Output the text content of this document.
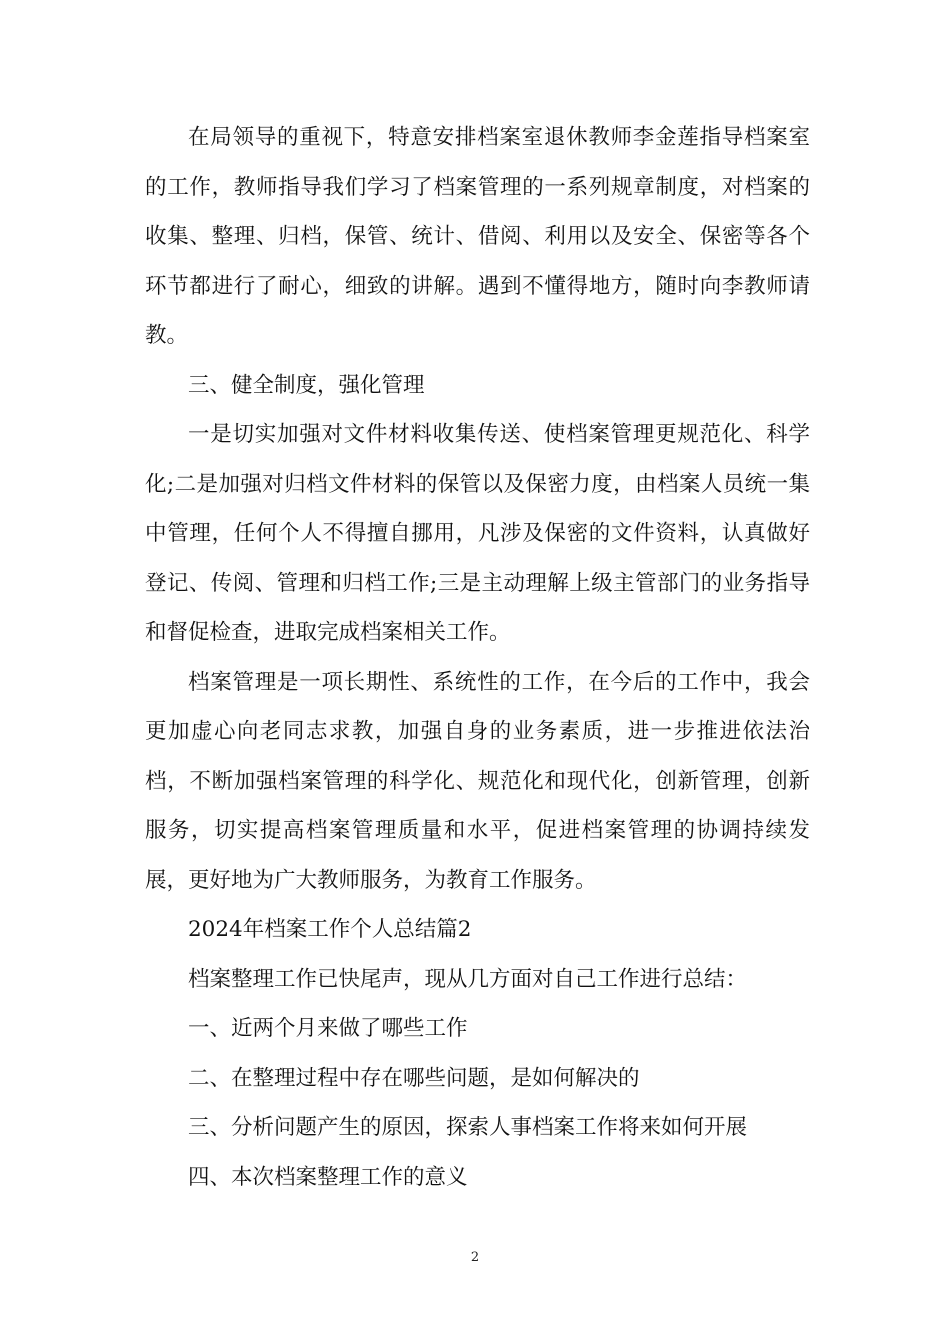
在局领导的重视下，特意安排档案室退休教师李金莲指导档案室的工作，教师指导我们学习了档案管理的一系列规章制度，对档案的收集、整理、归档，保管、统计、借阅、利用以及安全、保密等各个环节都进行了耐心，细致的讲解。遇到不懂得地方，随时向李教师请教。

三、健全制度，强化管理

一是切实加强对文件材料收集传送、使档案管理更规范化、科学化;二是加强对归档文件材料的保管以及保密力度，由档案人员统一集中管理，任何个人不得擅自挪用，凡涉及保密的文件资料，认真做好登记、传阅、管理和归档工作;三是主动理解上级主管部门的业务指导和督促检查，进取完成档案相关工作。

档案管理是一项长期性、系统性的工作，在今后的工作中，我会更加虚心向老同志求教，加强自身的业务素质，进一步推进依法治档，不断加强档案管理的科学化、规范化和现代化，创新管理，创新服务，切实提高档案管理质量和水平，促进档案管理的协调持续发展，更好地为广大教师服务，为教育工作服务。

2024年档案工作个人总结篇2

档案整理工作已快尾声，现从几方面对自己工作进行总结：

一、近两个月来做了哪些工作

二、在整理过程中存在哪些问题，是如何解决的

三、分析问题产生的原因，探索人事档案工作将来如何开展

四、本次档案整理工作的意义

2
